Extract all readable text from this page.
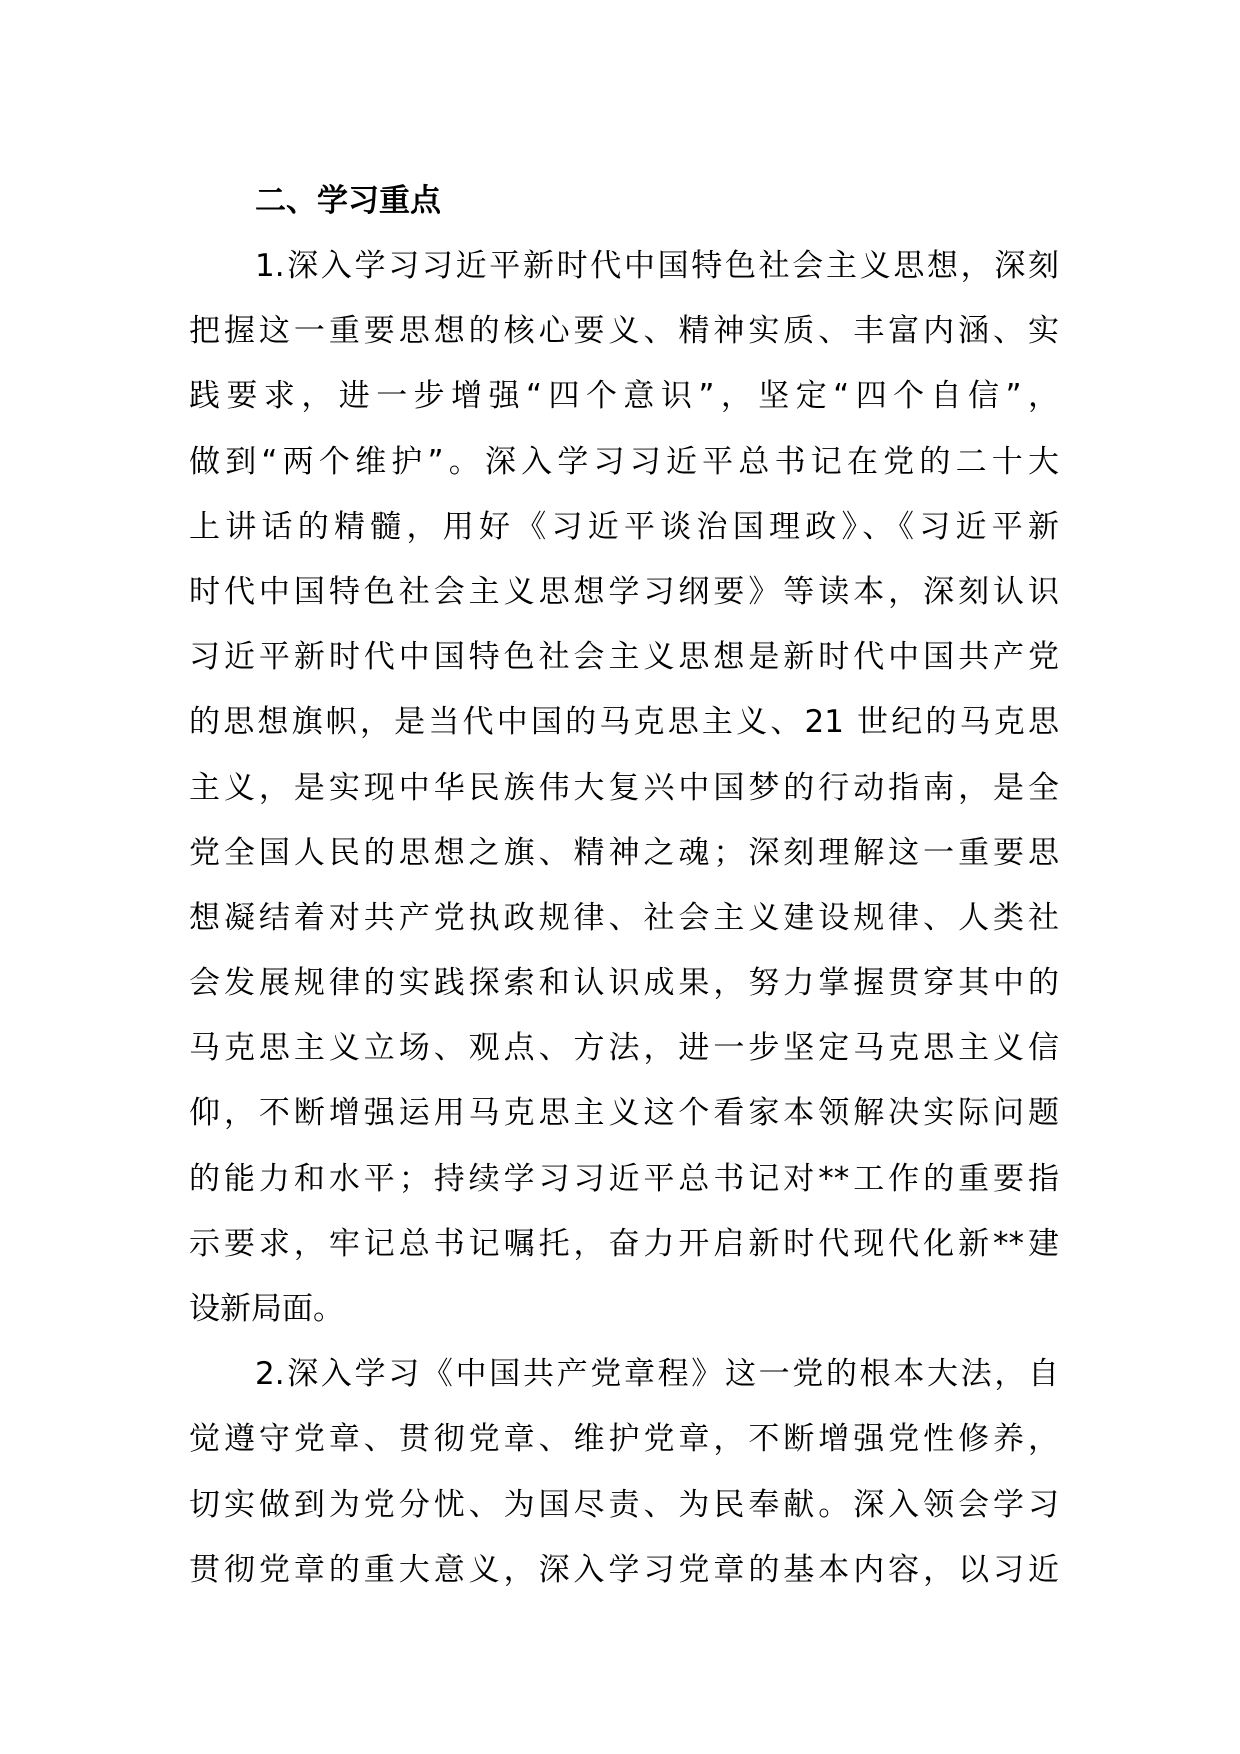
二、学习重点

1.深入学习习近平新时代中国特色社会主义思想，深刻

把握这一重要思想的核心要义、精神实质、丰富内涵、实

践要求，进一步增强“四个意识”，坚定“四个自信”，

做到“两个维护”。深入学习习近平总书记在党的二十大

上讲话的精髓，用好《习近平谈治国理政》、《习近平新

时代中国特色社会主义思想学习纲要》等读本，深刻认识

习近平新时代中国特色社会主义思想是新时代中国共产党

的思想旗帜，是当代中国的马克思主义、21 世纪的马克思

主义，是实现中华民族伟大复兴中国梦的行动指南，是全

党全国人民的思想之旗、精神之魂；深刻理解这一重要思

想凝结着对共产党执政规律、社会主义建设规律、人类社

会发展规律的实践探索和认识成果，努力掌握贯穿其中的

马克思主义立场、观点、方法，进一步坚定马克思主义信

仰，不断增强运用马克思主义这个看家本领解决实际问题

的能力和水平；持续学习习近平总书记对**工作的重要指

示要求，牢记总书记嘱托，奋力开启新时代现代化新**建

设新局面。

2.深入学习《中国共产党章程》这一党的根本大法，自

觉遵守党章、贯彻党章、维护党章，不断增强党性修养，

切实做到为党分忧、为国尽责、为民奉献。深入领会学习

贯彻党章的重大意义，深入学习党章的基本内容，以习近
